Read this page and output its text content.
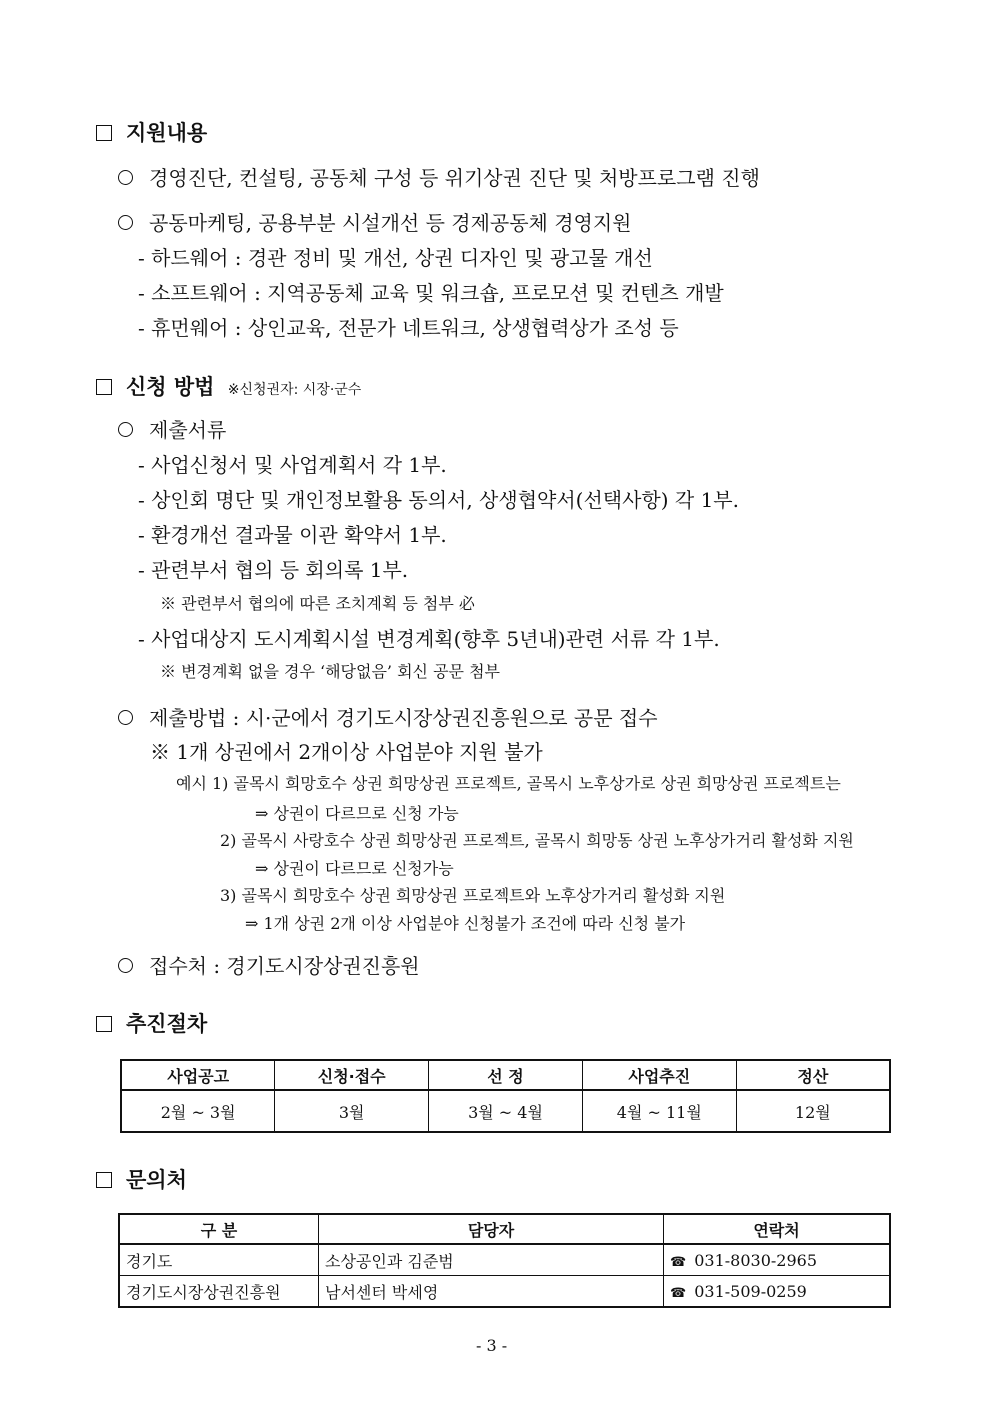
지원내용
경영진단, 컨설팅, 공동체 구성 등 위기상권 진단 및 처방프로그램 진행
공동마케팅, 공용부분 시설개선 등 경제공동체 경영지원
- 하드웨어 : 경관 정비 및 개선, 상권 디자인 및 광고물 개선
- 소프트웨어 : 지역공동체 교육 및 워크숍, 프로모션 및 컨텐츠 개발
- 휴먼웨어 : 상인교육, 전문가 네트워크, 상생협력상가 조성 등
신청 방법 ※신청권자: 시장·군수
제출서류
- 사업신청서 및 사업계획서 각 1부.
- 상인회 명단 및 개인정보활용 동의서, 상생협약서(선택사항) 각 1부.
- 환경개선 결과물 이관 확약서 1부.
- 관련부서 협의 등 회의록 1부.
※ 관련부서 협의에 따른 조치계획 등 첨부 必
- 사업대상지 도시계획시설 변경계획(향후 5년내)관련 서류 각 1부.
※ 변경계획 없을 경우 ‘해당없음’ 회신 공문 첨부
제출방법 : 시·군에서 경기도시장상권진흥원으로 공문 접수
※ 1개 상권에서 2개이상 사업분야 지원 불가
예시 1) 골목시 희망호수 상권 희망상권 프로젝트, 골목시 노후상가로 상권 희망상권 프로젝트는
⇒ 상권이 다르므로 신청 가능
2) 골목시 사랑호수 상권 희망상권 프로젝트, 골목시 희망동 상권 노후상가거리 활성화 지원
⇒ 상권이 다르므로 신청가능
3) 골목시 희망호수 상권 희망상권 프로젝트와 노후상가거리 활성화 지원
⇒ 1개 상권 2개 이상 사업분야 신청불가 조건에 따라 신청 불가
접수처 : 경기도시장상권진흥원
추진절차
사업공고	신청·접수	선 정	사업추진	정산
2월 ~ 3월	3월	3월 ~ 4월	4월 ~ 11월	12월
문의처
구 분	담당자	연락처
경기도	소상공인과 김준범	☎ 031-8030-2965
경기도시장상권진흥원	남서센터 박세영	☎ 031-509-0259
- 3 -
